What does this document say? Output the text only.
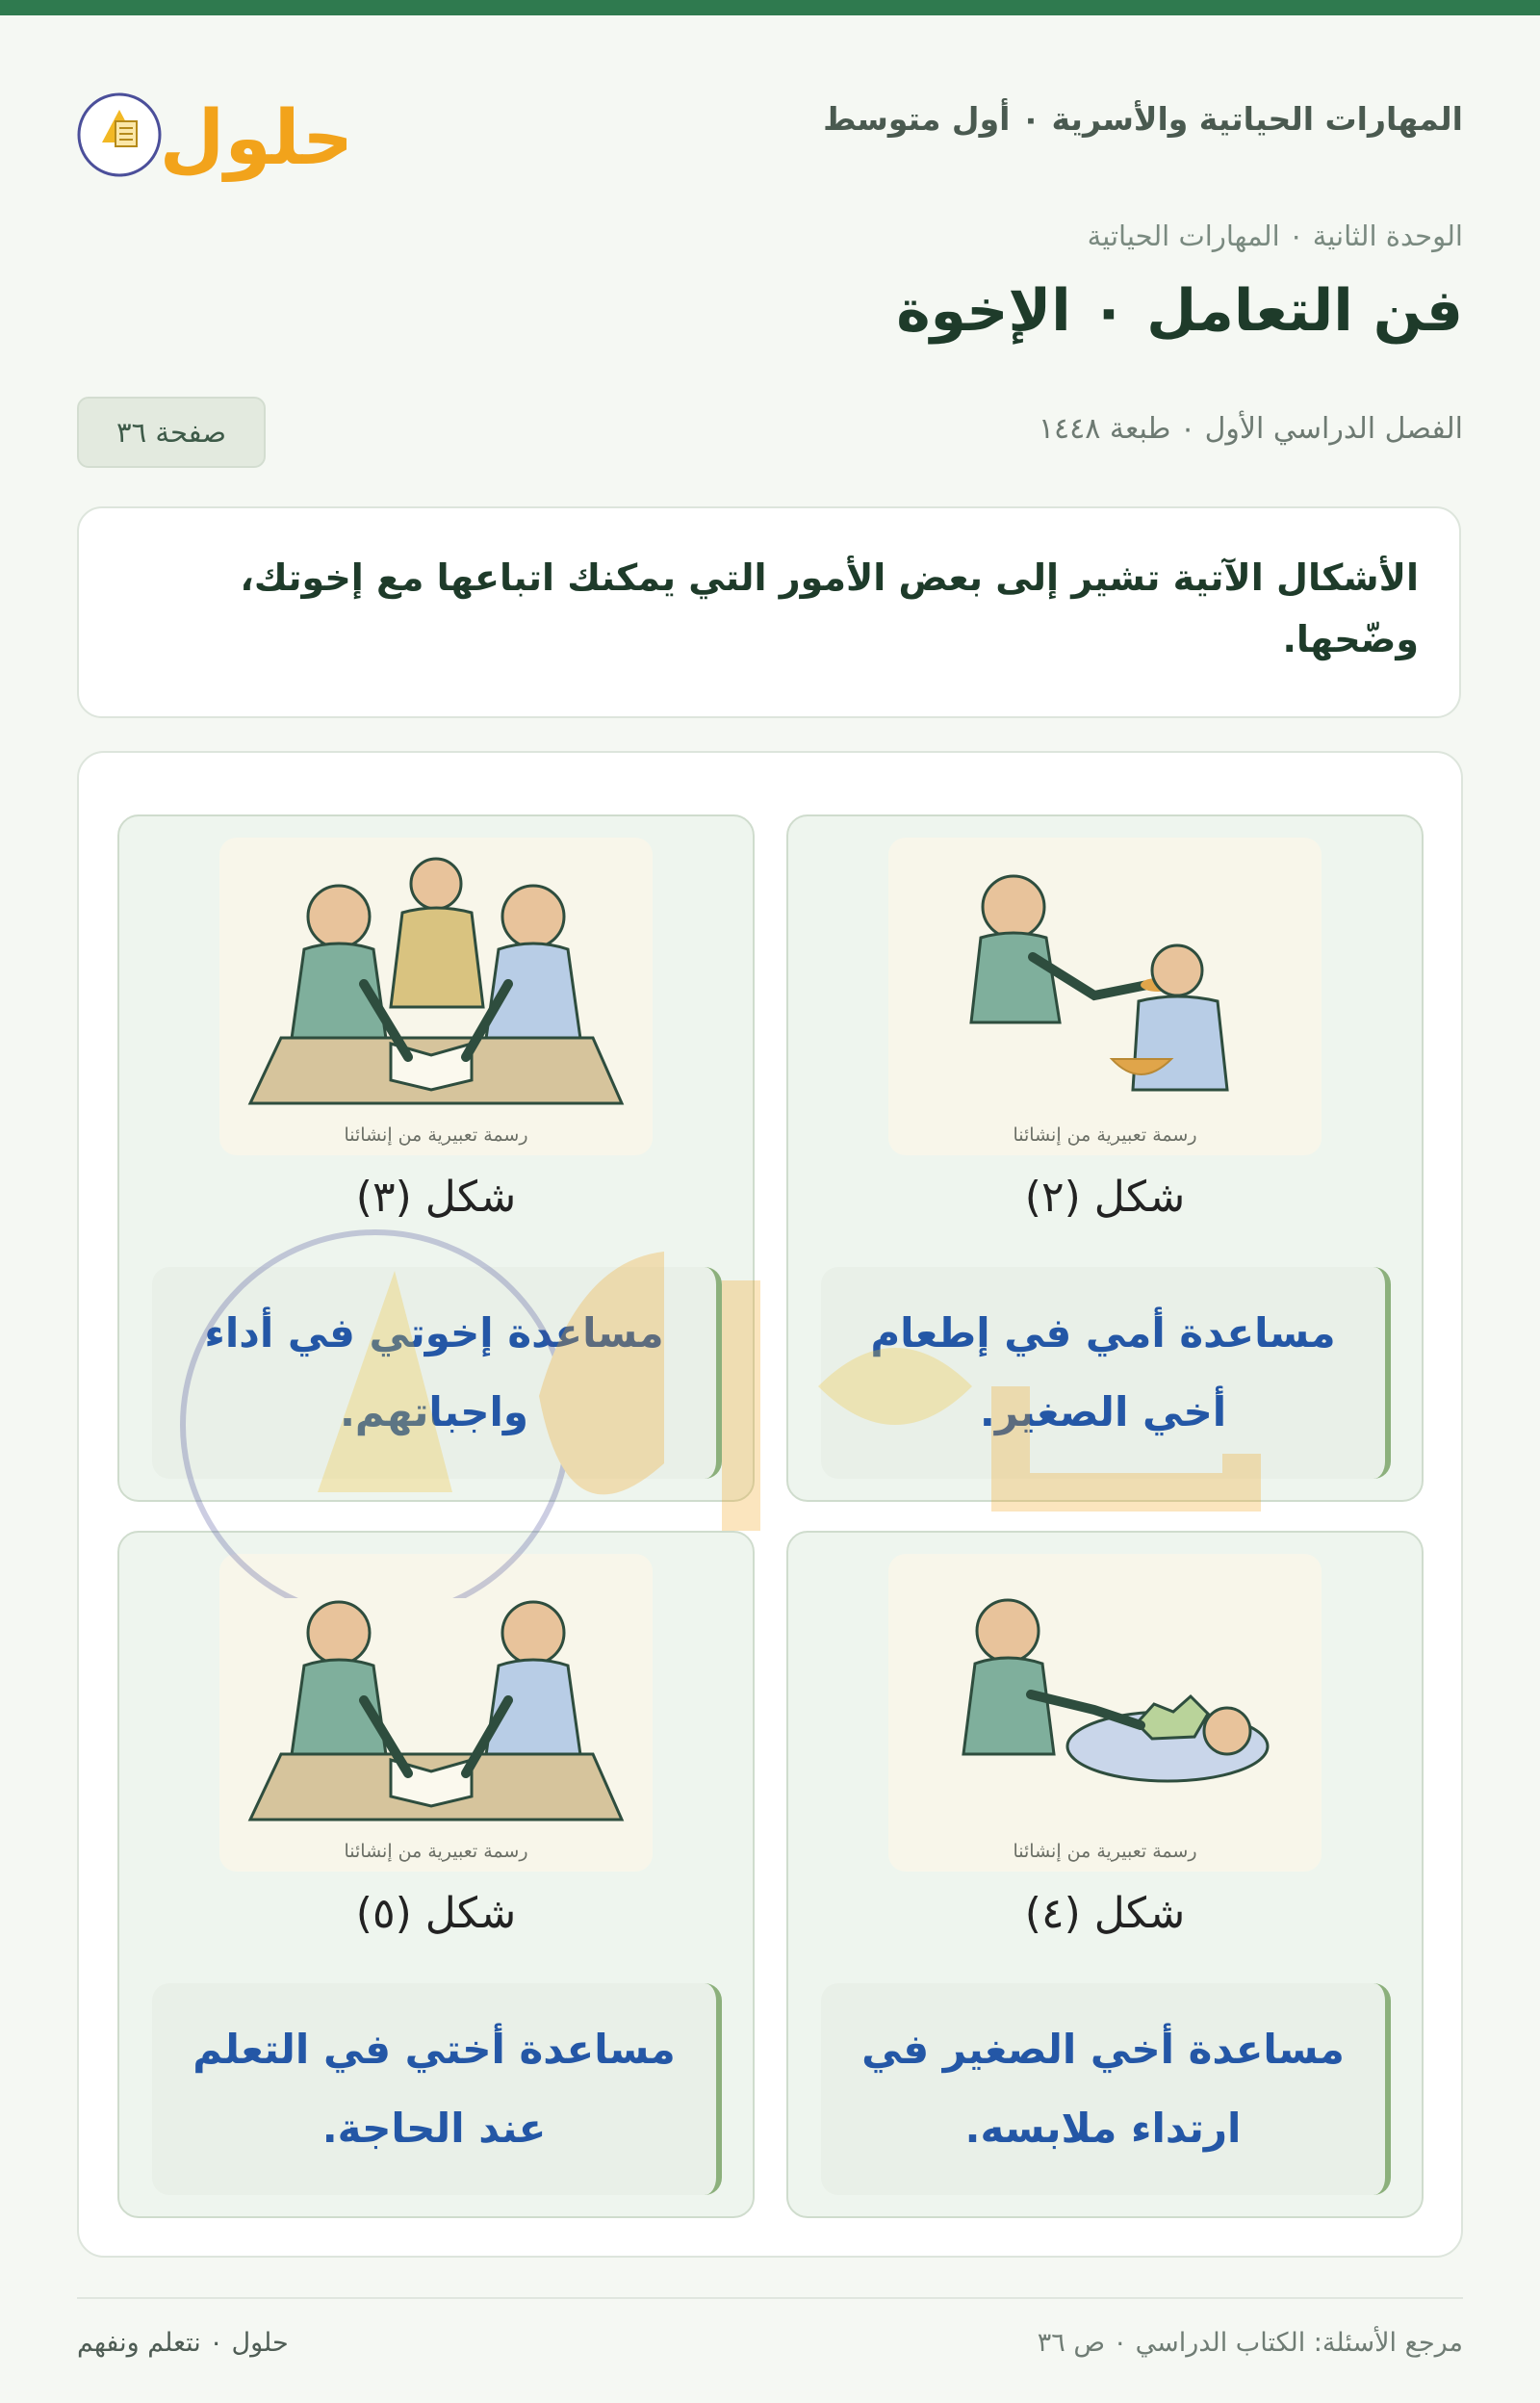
المهارات الحياتية والأسرية ٠ أول متوسط
حلول
الوحدة الثانية ٠ المهارات الحياتية
فن التعامل ٠ الإخوة
الفصل الدراسي الأول ٠ طبعة ١٤٤٨
صفحة ٣٦

الأشكال الآتية تشير إلى بعض الأمور التي يمكنك اتباعها مع إخوتك، وضّحها.

رسمة تعبيرية من إنشائنا
شكل (٢)

مساعدة أمي في إطعام أخي الصغير.

رسمة تعبيرية من إنشائنا
شكل (٣)

مساعدة إخوتي في أداء واجباتهم.

رسمة تعبيرية من إنشائنا
شكل (٤)

مساعدة أخي الصغير في ارتداء ملابسه.

رسمة تعبيرية من إنشائنا
شكل (٥)

مساعدة أختي في التعلم عند الحاجة.

مرجع الأسئلة: الكتاب الدراسي ٠ ص ٣٦
حلول ٠ نتعلم ونفهم
